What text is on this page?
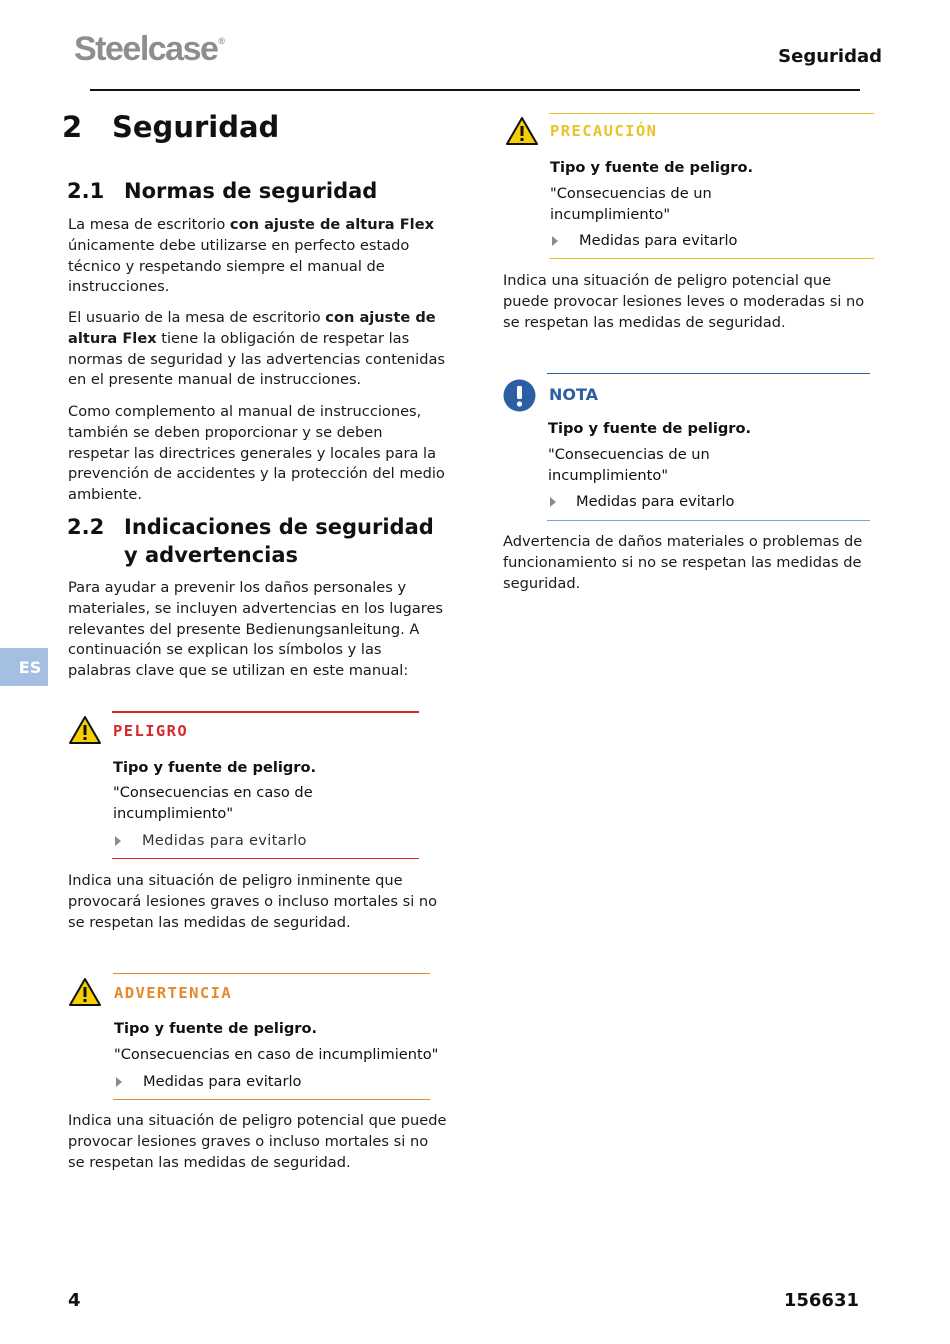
Steelcase®
Seguridad
2 Seguridad
2.1 Normas de seguridad
La mesa de escritorio con ajuste de altura Flex únicamente debe utilizarse en perfecto estado técnico y respetando siempre el manual de instrucciones.
El usuario de la mesa de escritorio con ajuste de altura Flex tiene la obligación de respetar las normas de seguridad y las advertencias contenidas en el presente manual de instrucciones.
Como complemento al manual de instrucciones, también se deben proporcionar y se deben respetar las directrices generales y locales para la prevención de accidentes y la protección del medio ambiente.
2.2 Indicaciones de seguridad y advertencias
Para ayudar a prevenir los daños personales y materiales, se incluyen advertencias en los lugares relevantes del presente Bedienungsanleitung. A continuación se explican los símbolos y las palabras clave que se utilizan en este manual:
ES
PELIGRO
Tipo y fuente de peligro.
"Consecuencias en caso de incumplimiento"
Medidas para evitarlo
Indica una situación de peligro inminente que provocará lesiones graves o incluso mortales si no se respetan las medidas de seguridad.
ADVERTENCIA
Tipo y fuente de peligro.
"Consecuencias en caso de incumplimiento"
Medidas para evitarlo
Indica una situación de peligro potencial que puede provocar lesiones graves o incluso mortales si no se respetan las medidas de seguridad.
PRECAUCIÓN
Tipo y fuente de peligro.
"Consecuencias de un incumplimiento"
Medidas para evitarlo
Indica una situación de peligro potencial que puede provocar lesiones leves o moderadas si no se respetan las medidas de seguridad.
NOTA
Tipo y fuente de peligro.
"Consecuencias de un incumplimiento"
Medidas para evitarlo
Advertencia de daños materiales o problemas de funcionamiento si no se respetan las medidas de seguridad.
4	156631
